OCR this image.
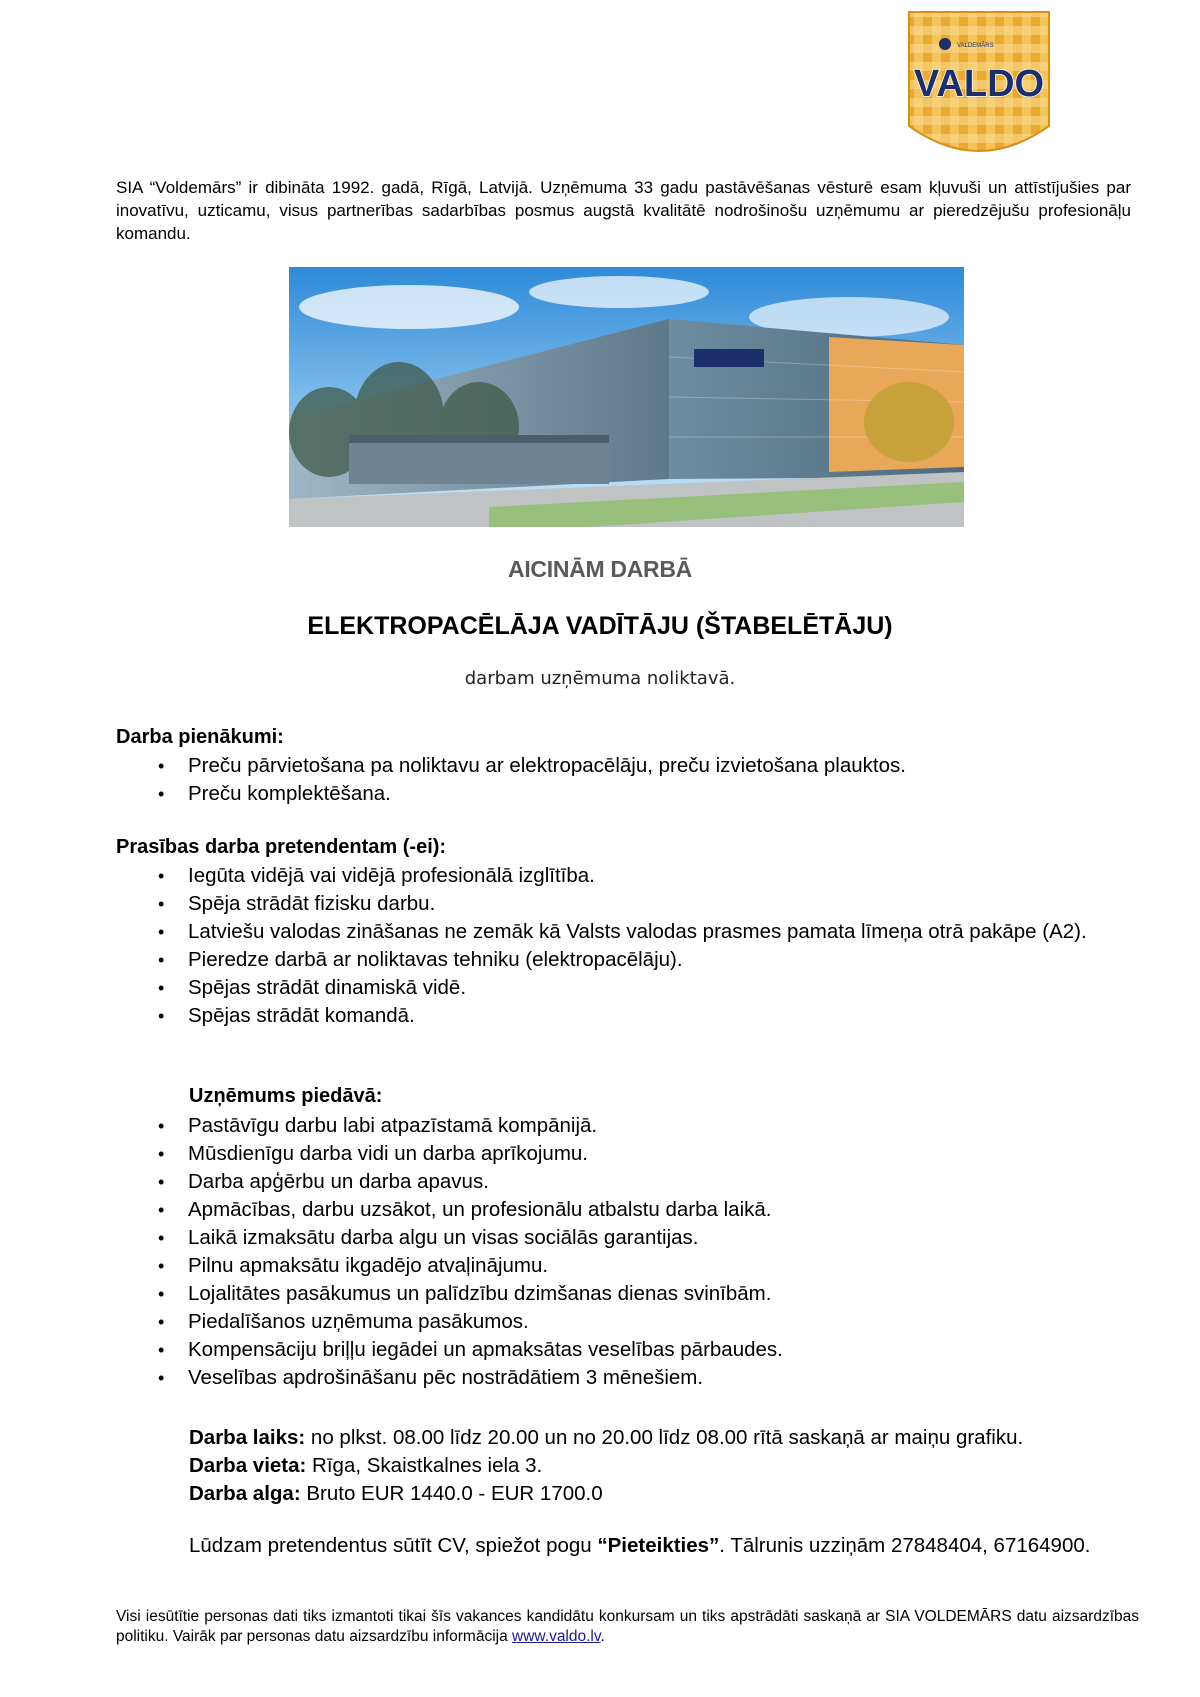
VALDEMĀRS
VALDO
SIA “Voldemārs” ir dibināta 1992. gadā, Rīgā, Latvijā. Uzņēmuma 33 gadu pastāvēšanas vēsturē esam kļuvuši un attīstījušies par inovatīvu, uzticamu, visus partnerības sadarbības posmus augstā kvalitātē nodrošinošu uzņēmumu ar pieredzējušu profesionāļu komandu.
AICINĀM DARBĀ
ELEKTROPACĒLĀJA VADĪTĀJU (ŠTABELĒTĀJU)
darbam uzņēmuma noliktavā.
Darba pienākumi:
• Preču pārvietošana pa noliktavu ar elektropacēlāju, preču izvietošana plauktos.
• Preču komplektēšana.
Prasības darba pretendentam (-ei):
• Iegūta vidējā vai vidējā profesionālā izglītība.
• Spēja strādāt fizisku darbu.
• Latviešu valodas zināšanas ne zemāk kā Valsts valodas prasmes pamata līmeņa otrā pakāpe (A2).
• Pieredze darbā ar noliktavas tehniku (elektropacēlāju).
• Spējas strādāt dinamiskā vidē.
• Spējas strādāt komandā.
Uzņēmums piedāvā:
• Pastāvīgu darbu labi atpazīstamā kompānijā.
• Mūsdienīgu darba vidi un darba aprīkojumu.
• Darba apģērbu un darba apavus.
• Apmācības, darbu uzsākot, un profesionālu atbalstu darba laikā.
• Laikā izmaksātu darba algu un visas sociālās garantijas.
• Pilnu apmaksātu ikgadējo atvaļinājumu.
• Lojalitātes pasākumus un palīdzību dzimšanas dienas svinībām.
• Piedalīšanos uzņēmuma pasākumos.
• Kompensāciju briļļu iegādei un apmaksātas veselības pārbaudes.
• Veselības apdrošināšanu pēc nostrādātiem 3 mēnešiem.
Darba laiks: no plkst. 08.00 līdz 20.00 un no 20.00 līdz 08.00 rītā saskaņā ar maiņu grafiku.
Darba vieta: Rīga, Skaistkalnes iela 3.
Darba alga: Bruto EUR 1440.0 - EUR 1700.0
Lūdzam pretendentus sūtīt CV, spiežot pogu “Pieteikties”. Tālrunis uzziņām 27848404, 67164900.
Visi iesūtītie personas dati tiks izmantoti tikai šīs vakances kandidātu konkursam un tiks apstrādāti saskaņā ar SIA VOLDEMĀRS datu aizsardzības politiku. Vairāk par personas datu aizsardzību informācija www.valdo.lv.
